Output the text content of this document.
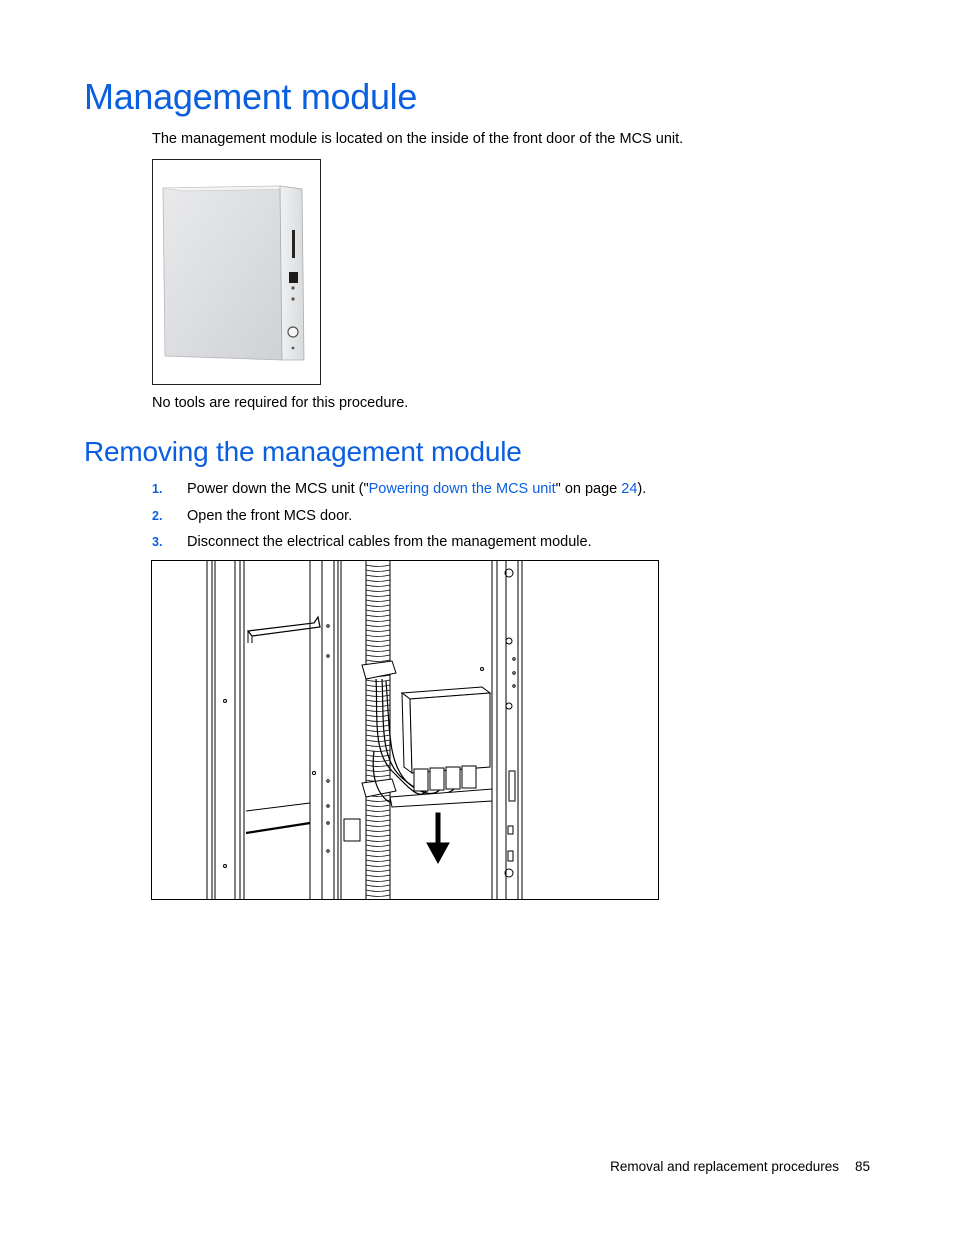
Management module

The management module is located on the inside of the front door of the MCS unit.

No tools are required for this procedure.

Removing the management module
1. Power down the MCS unit ("Powering down the MCS unit" on page 24).
2. Open the front MCS door.
3. Disconnect the electrical cables from the management module.
Removal and replacement procedures 85
